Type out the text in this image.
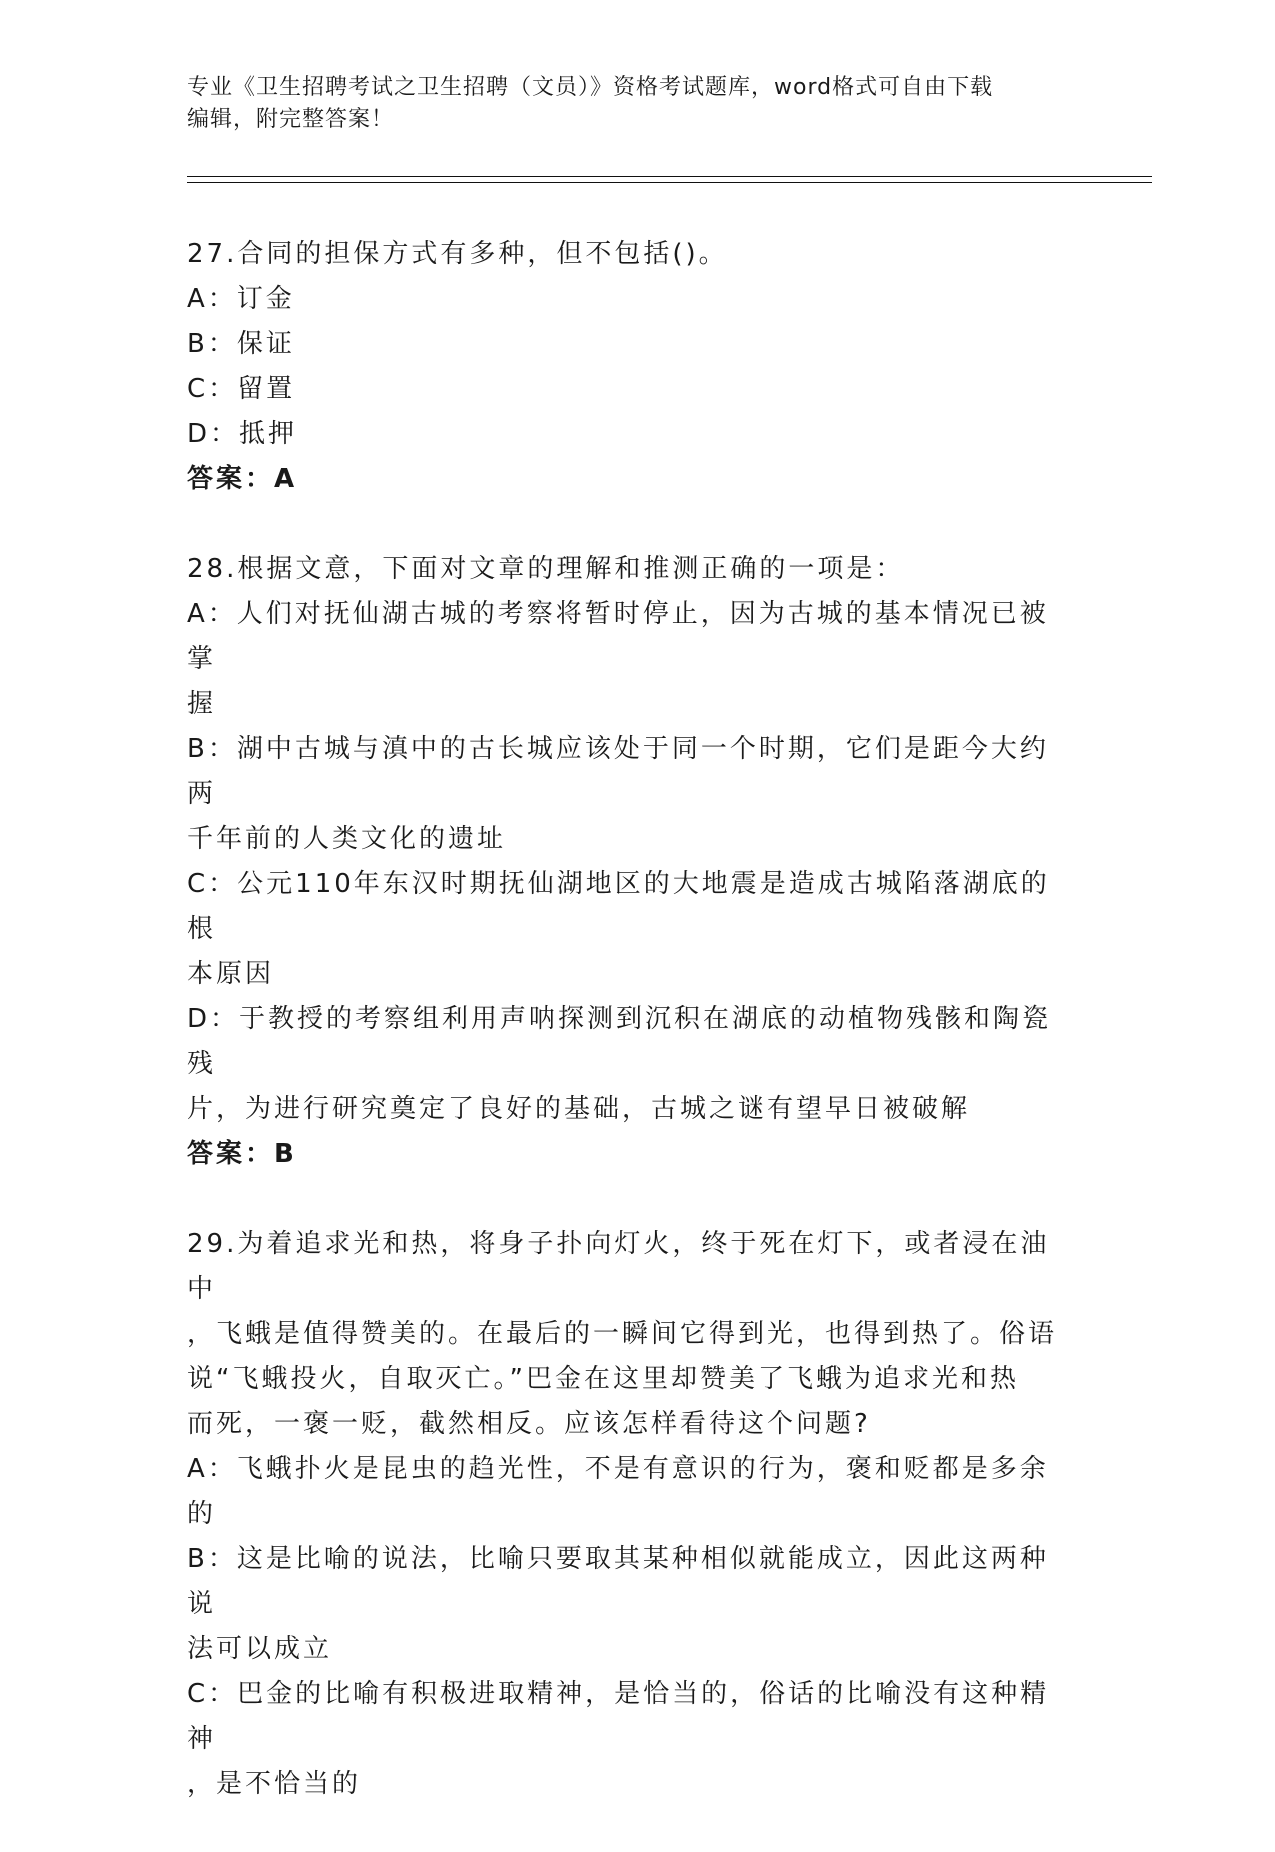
专业《卫生招聘考试之卫生招聘（文员）》资格考试题库，word格式可自由下载
编辑，附完整答案！
27.合同的担保方式有多种，但不包括()。
A：订金
B：保证
C：留置
D：抵押
答案：A
28.根据文意，下面对文章的理解和推测正确的一项是：
A：人们对抚仙湖古城的考察将暂时停止，因为古城的基本情况已被掌
握
B：湖中古城与滇中的古长城应该处于同一个时期，它们是距今大约两
千年前的人类文化的遗址
C：公元110年东汉时期抚仙湖地区的大地震是造成古城陷落湖底的根
本原因
D：于教授的考察组利用声呐探测到沉积在湖底的动植物残骸和陶瓷残
片，为进行研究奠定了良好的基础，古城之谜有望早日被破解
答案：B
29.为着追求光和热，将身子扑向灯火，终于死在灯下，或者浸在油中
，飞蛾是值得赞美的。在最后的一瞬间它得到光，也得到热了。俗语
说“飞蛾投火，自取灭亡。”巴金在这里却赞美了飞蛾为追求光和热
而死，一褒一贬，截然相反。应该怎样看待这个问题?
A：飞蛾扑火是昆虫的趋光性，不是有意识的行为，褒和贬都是多余的
B：这是比喻的说法，比喻只要取其某种相似就能成立，因此这两种说
法可以成立
C：巴金的比喻有积极进取精神，是恰当的，俗话的比喻没有这种精神
，是不恰当的
